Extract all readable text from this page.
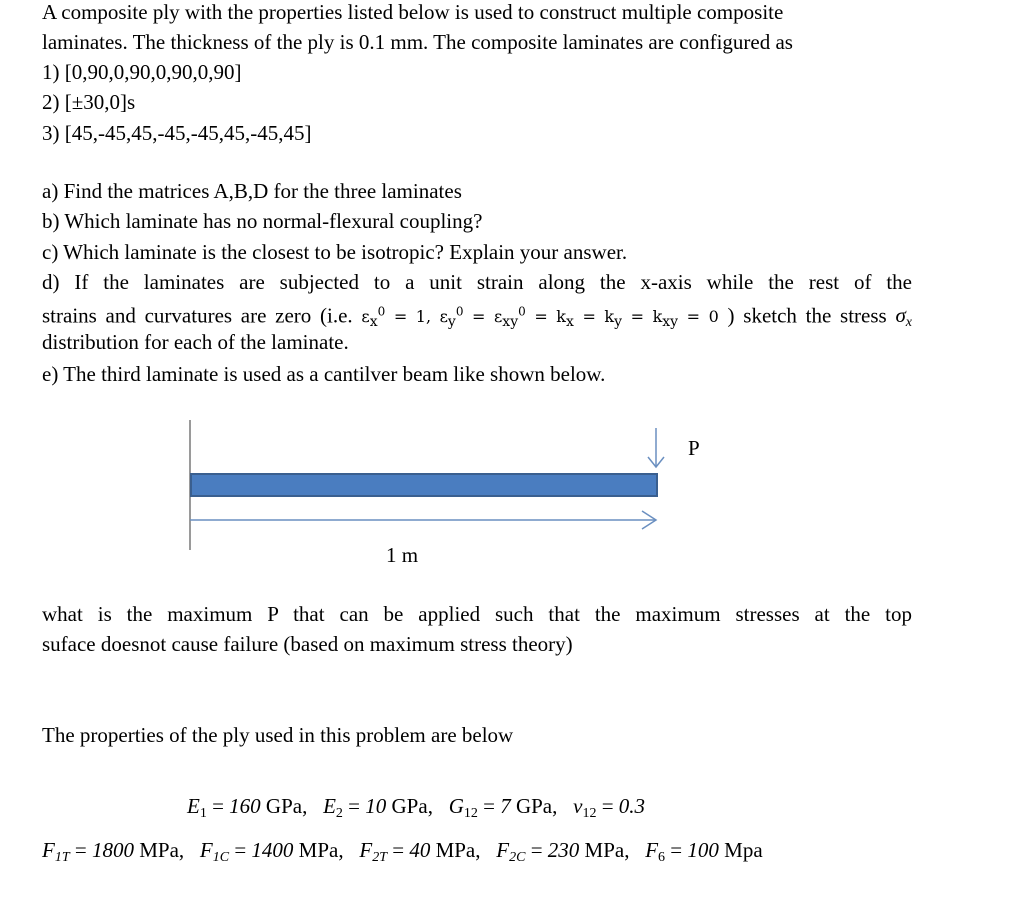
A composite ply with the properties listed below is used to construct multiple composite
laminates. The thickness of the ply is 0.1 mm. The composite laminates are configured as
1) [0,90,0,90,0,90,0,90]
2) [±30,0]s
3) [45,-45,45,-45,-45,45,-45,45]
a) Find the matrices A,B,D for the three laminates
b) Which laminate has no normal-flexural coupling?
c) Which laminate is the closest to be isotropic? Explain your answer.
d) If the laminates are subjected to a unit strain along the x-axis while the rest of the
strains and curvatures are zero (i.e. $\varepsilon_x^0 = 1$, $\varepsilon_y^0 = \varepsilon_{xy}^0 = k_x = k_y = k_{xy} = 0$ ) sketch the stress $\sigma_x$
distribution for each of the laminate.
e) The third laminate is used as a cantilver beam like shown below.
P
1 m
what is the maximum P that can be applied such that the maximum stresses at the top
suface doesnot cause failure (based on maximum stress theory)
The properties of the ply used in this problem are below
$E_1 = 160$ GPa,   $E_2 = 10$ GPa,   $G_{12} = 7$ GPa,   $\nu_{12} = 0.3$
$F_{1T} = 1800$ MPa,   $F_{1C} = 1400$ MPa,   $F_{2T} = 40$ MPa,   $F_{2C} = 230$ MPa,   $F_6 = 100$ Mpa
